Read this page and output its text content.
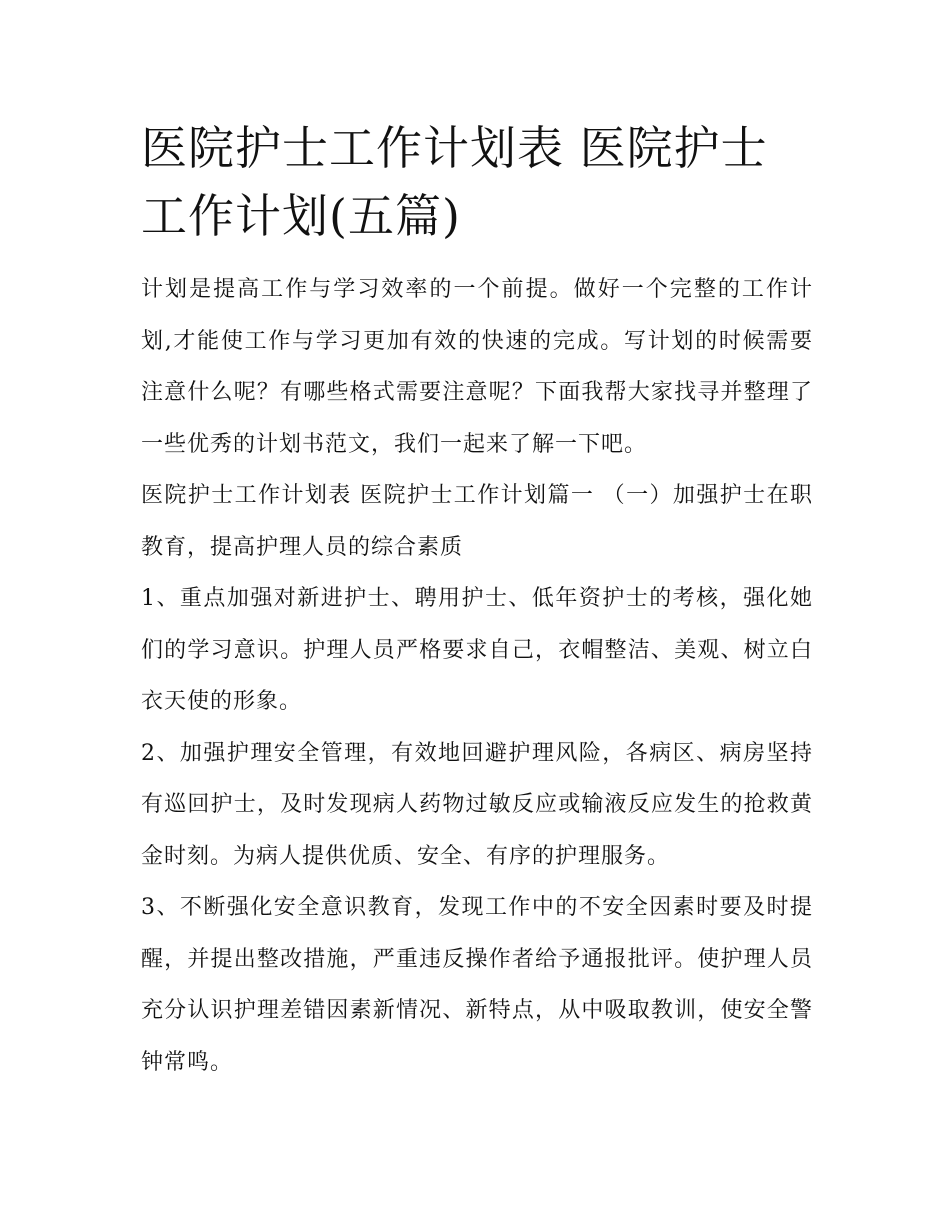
医院护士工作计划表 医院护士工作计划(五篇)

计划是提高工作与学习效率的一个前提。做好一个完整的工作计划,才能使工作与学习更加有效的快速的完成。写计划的时候需要注意什么呢？有哪些格式需要注意呢？下面我帮大家找寻并整理了一些优秀的计划书范文，我们一起来了解一下吧。

医院护士工作计划表 医院护士工作计划篇一 （一）加强护士在职教育，提高护理人员的综合素质

1、重点加强对新进护士、聘用护士、低年资护士的考核，强化她们的学习意识。护理人员严格要求自己，衣帽整洁、美观、树立白衣天使的形象。

2、加强护理安全管理，有效地回避护理风险，各病区、病房坚持有巡回护士，及时发现病人药物过敏反应或输液反应发生的抢救黄金时刻。为病人提供优质、安全、有序的护理服务。

3、不断强化安全意识教育，发现工作中的不安全因素时要及时提醒，并提出整改措施，严重违反操作者给予通报批评。使护理人员充分认识护理差错因素新情况、新特点，从中吸取教训，使安全警钟常鸣。
